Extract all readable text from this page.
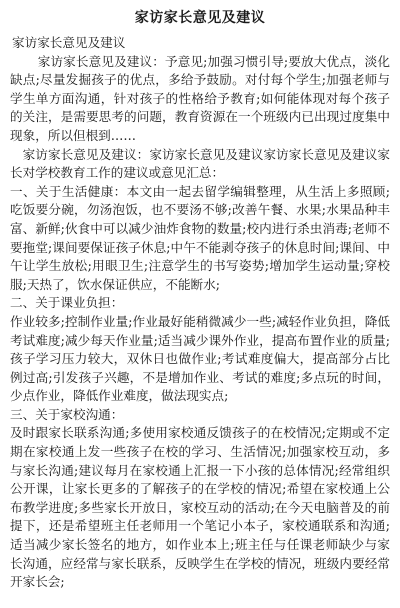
家访家长意见及建议

家访家长意见及建议

家访家长意见及建议：予意见;加强习惯引导;要放大优点，淡化缺点;尽量发掘孩子的优点，多给予鼓励。对付每个学生;加强老师与学生单方面沟通，针对孩子的性格给予教育;如何能体现对每个孩子的关注，是需要思考的问题，教育资源在一个班级内已出现过度集中现象，所以但根到……

家访家长意见及建议：家访家长意见及建议家访家长意见及建议家长对学校教育工作的建议或意见汇总：

一、关于生活健康：本文由一起去留学编辑整理，从生活上多照顾;吃饭要分碗，勿汤泡饭，也不要汤不够;改善午餐、水果;水果品种丰富、新鲜;伙食中可以减少油炸食物的数量;校内进行杀虫消毒;老师不要拖堂;课间要保证孩子休息;中午不能剥夺孩子的休息时间;课间、中午让学生放松;用眼卫生;注意学生的书写姿势;增加学生运动量;穿校服;天热了，饮水保证供应，不能断水;

二、关于课业负担：

作业较多;控制作业量;作业最好能稍微减少一些;减轻作业负担，降低考试难度;减少每天作业量;适当减少课外作业，提高布置作业的质量;孩子学习压力较大，双休日也做作业;考试难度偏大，提高部分占比例过高;引发孩子兴趣，不是增加作业、考试的难度;多点玩的时间，少点作业，降低作业难度，做法现实点;

三、关于家校沟通：

及时跟家长联系沟通;多使用家校通反馈孩子的在校情况;定期或不定期在家校通上发一些孩子在校的学习、生活情况;加强家校互动，多与家长沟通;建议每月在家校通上汇报一下小孩的总体情况;经常组织公开课，让家长更多的了解孩子的在学校的情况;希望在家校通上公布教学进度;多些家长开放日，家校互动的活动;在今天电脑普及的前提下，还是希望班主任老师用一个笔记小本子，家校通联系和沟通;适当减少家长签名的地方，如作业本上;班主任与任课老师缺少与家长沟通，应经常与家长联系，反映学生在学校的情况，班级内要经常开家长会;
